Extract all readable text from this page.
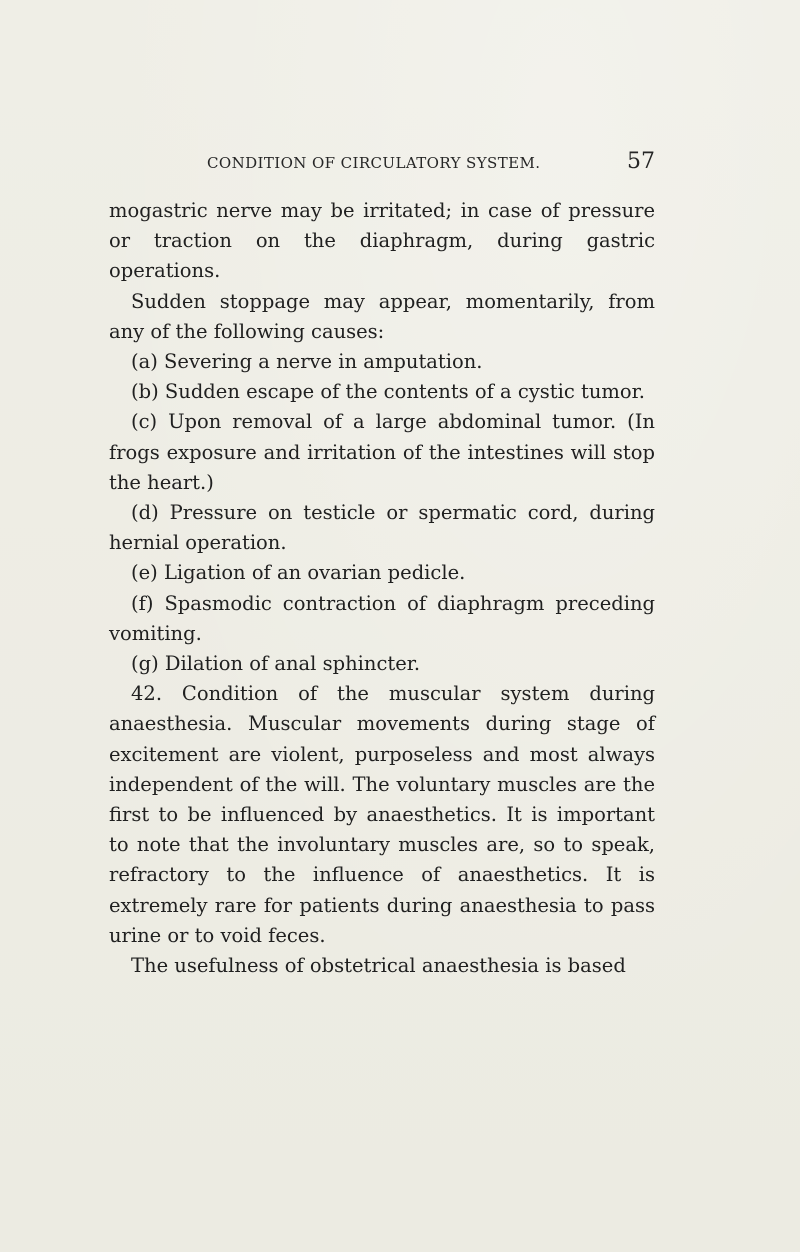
CONDITION OF CIRCULATORY SYSTEM.	57

mogastric nerve may be irritated; in case of pressure or traction on the diaphragm, during gastric operations.

Sudden stoppage may appear, momentarily, from any of the following causes:

(a) Severing a nerve in amputation.

(b) Sudden escape of the contents of a cystic tumor.

(c) Upon removal of a large abdominal tumor. (In frogs exposure and irritation of the intestines will stop the heart.)

(d) Pressure on testicle or spermatic cord, during hernial operation.

(e) Ligation of an ovarian pedicle.

(f) Spasmodic contraction of diaphragm preceding vomiting.

(g) Dilation of anal sphincter.

42. Condition of the muscular system during anaesthesia. Muscular movements during stage of excitement are violent, purposeless and most always independent of the will. The voluntary muscles are the first to be influenced by anaesthetics. It is important to note that the involuntary muscles are, so to speak, refractory to the influence of anaesthetics. It is extremely rare for patients during anaesthesia to pass urine or to void feces.

The usefulness of obstetrical anaesthesia is based
